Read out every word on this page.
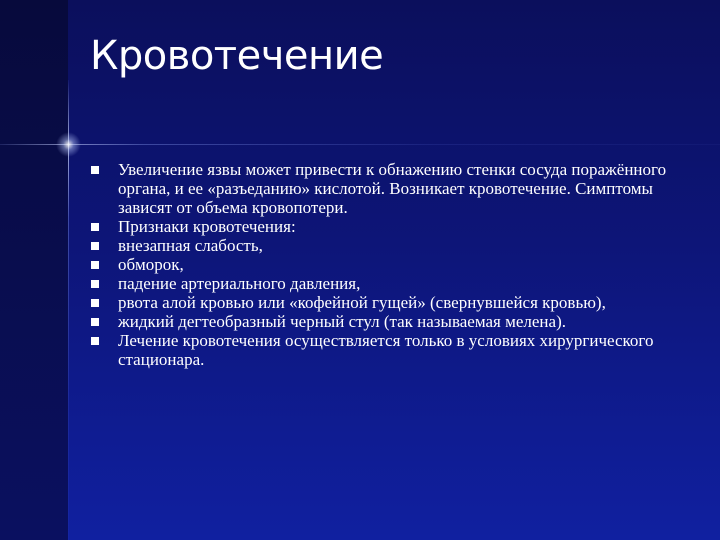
Кровотечение
Увеличение язвы может привести к обнажению стенки сосуда поражённого органа, и ее «разъеданию» кислотой. Возникает кровотечение. Симптомы зависят от объема кровопотери.
Признаки кровотечения:
внезапная слабость,
обморок,
падение артериального давления,
рвота алой кровью или «кофейной гущей» (свернувшейся кровью),
жидкий дегтеобразный черный стул (так называемая мелена).
Лечение кровотечения осуществляется только в условиях хирургического стационара.
